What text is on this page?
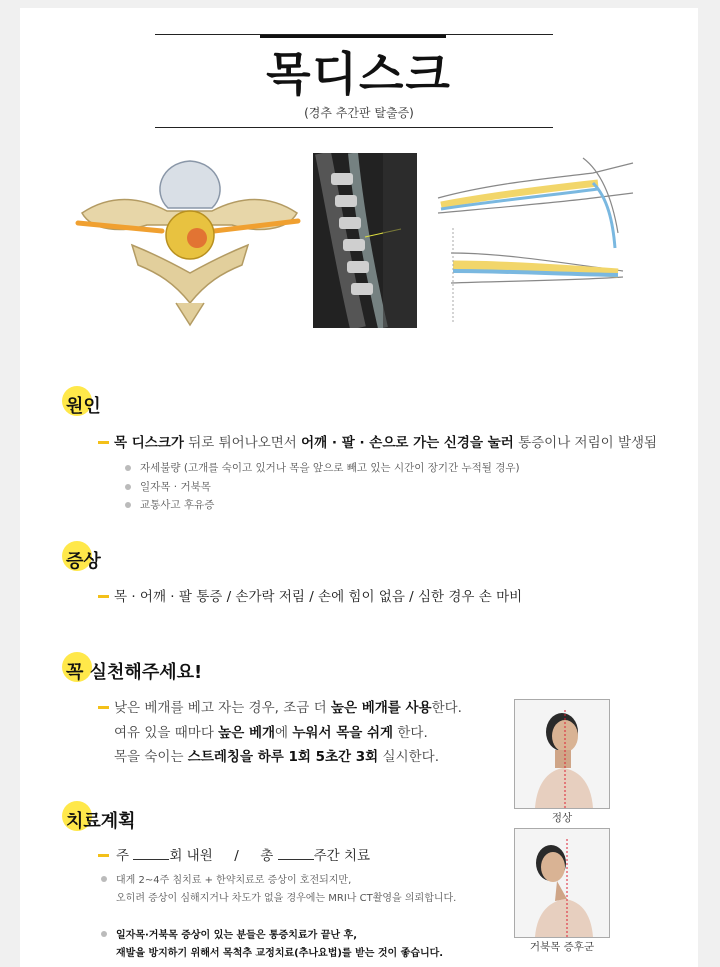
목디스크
(경추 추간판 탈출증)
원인
목 디스크가 뒤로 튀어나오면서 어깨 · 팔 · 손으로 가는 신경을 눌러 통증이나 저림이 발생됨
자세불량 (고개를 숙이고 있거나 목을 앞으로 빼고 있는 시간이 장기간 누적될 경우)
일자목 · 거북목
교통사고 후유증
증상
목 · 어깨 · 팔 통증 / 손가락 저림 / 손에 힘이 없음 / 심한 경우 손 마비
꼭 실천해주세요!
낮은 베개를 베고 자는 경우, 조금 더 높은 베개를 사용한다.
여유 있을 때마다 높은 베개에 누워서 목을 쉬게 한다.
목을 숙이는 스트레칭을 하루 1회 5초간 3회 실시한다.
치료계획
주	회 내원 / 총	주간 치료
대게 2~4주 침치료 + 한약치료로 증상이 호전되지만,
오히려 증상이 심해지거나 차도가 없을 경우에는 MRI나 CT촬영을 의뢰합니다.
일자목·거북목 증상이 있는 분들은 통증치료가 끝난 후,
재발을 방지하기 위해서 목척추 교정치료(추나요법)를 받는 것이 좋습니다.
정상
거북목 증후군
